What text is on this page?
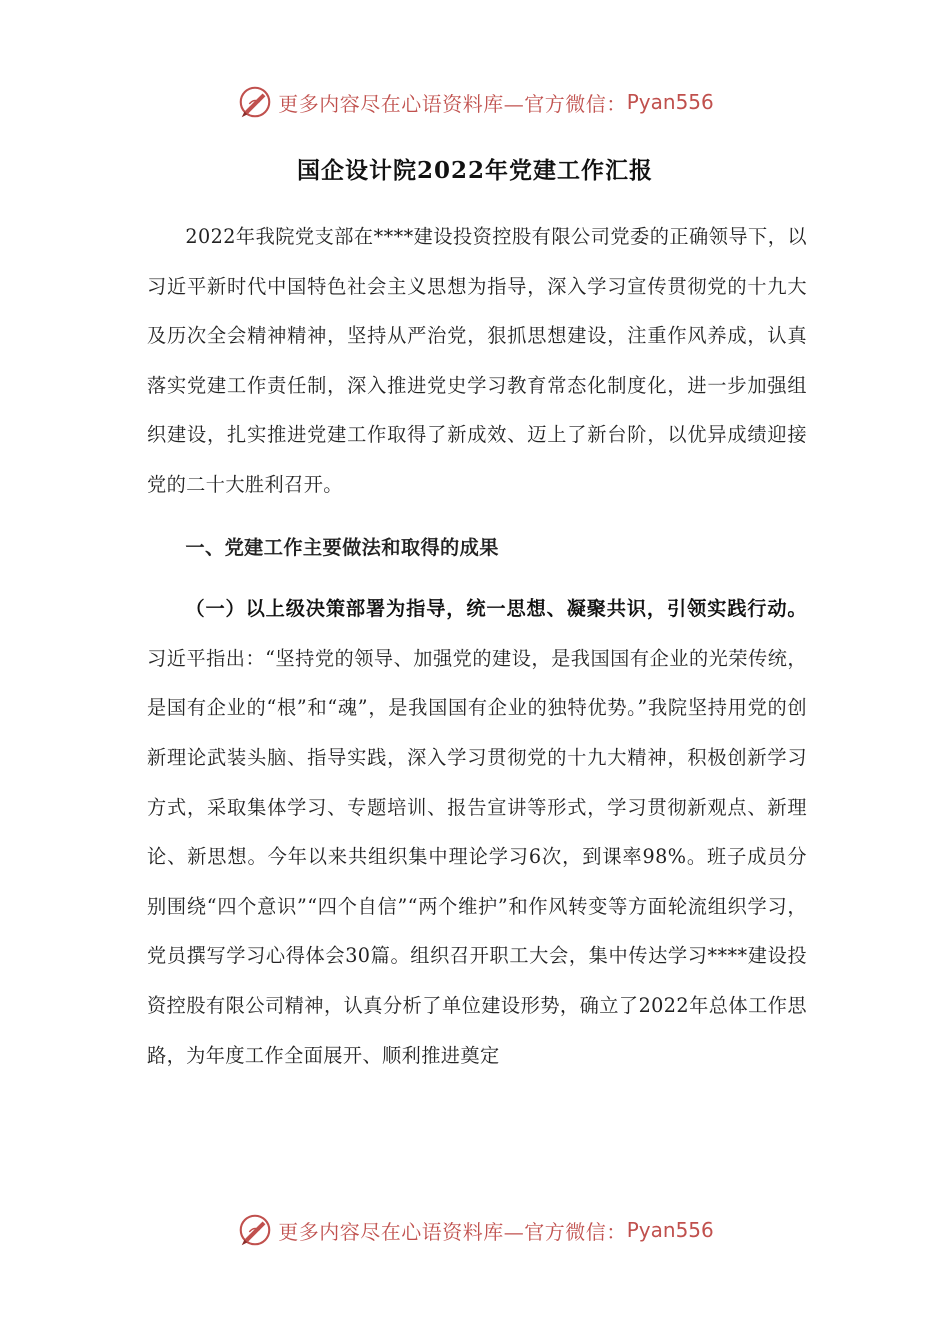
更多内容尽在心语资料库—官方微信： Pyan556
国企设计院2022年党建工作汇报

2022年我院党支部在****建设投资控股有限公司党委的正确领导下，以习近平新时代中国特色社会主义思想为指导，深入学习宣传贯彻党的十九大及历次全会精神精神，坚持从严治党，狠抓思想建设，注重作风养成，认真落实党建工作责任制，深入推进党史学习教育常态化制度化，进一步加强组织建设，扎实推进党建工作取得了新成效、迈上了新台阶，以优异成绩迎接党的二十大胜利召开。

一、党建工作主要做法和取得的成果

（一）以上级决策部署为指导，统一思想、凝聚共识，引领实践行动。习近平指出：“坚持党的领导、加强党的建设，是我国国有企业的光荣传统，是国有企业的“根”和“魂”，是我国国有企业的独特优势。”我院坚持用党的创新理论武装头脑、指导实践，深入学习贯彻党的十九大精神，积极创新学习方式，采取集体学习、专题培训、报告宣讲等形式，学习贯彻新观点、新理论、新思想。今年以来共组织集中理论学习6次，到课率98%。班子成员分别围绕“四个意识”“四个自信”“两个维护”和作风转变等方面轮流组织学习，党员撰写学习心得体会30篇。组织召开职工大会，集中传达学习****建设投资控股有限公司精神，认真分析了单位建设形势，确立了2022年总体工作思路，为年度工作全面展开、顺利推进奠定

更多内容尽在心语资料库—官方微信： Pyan556
